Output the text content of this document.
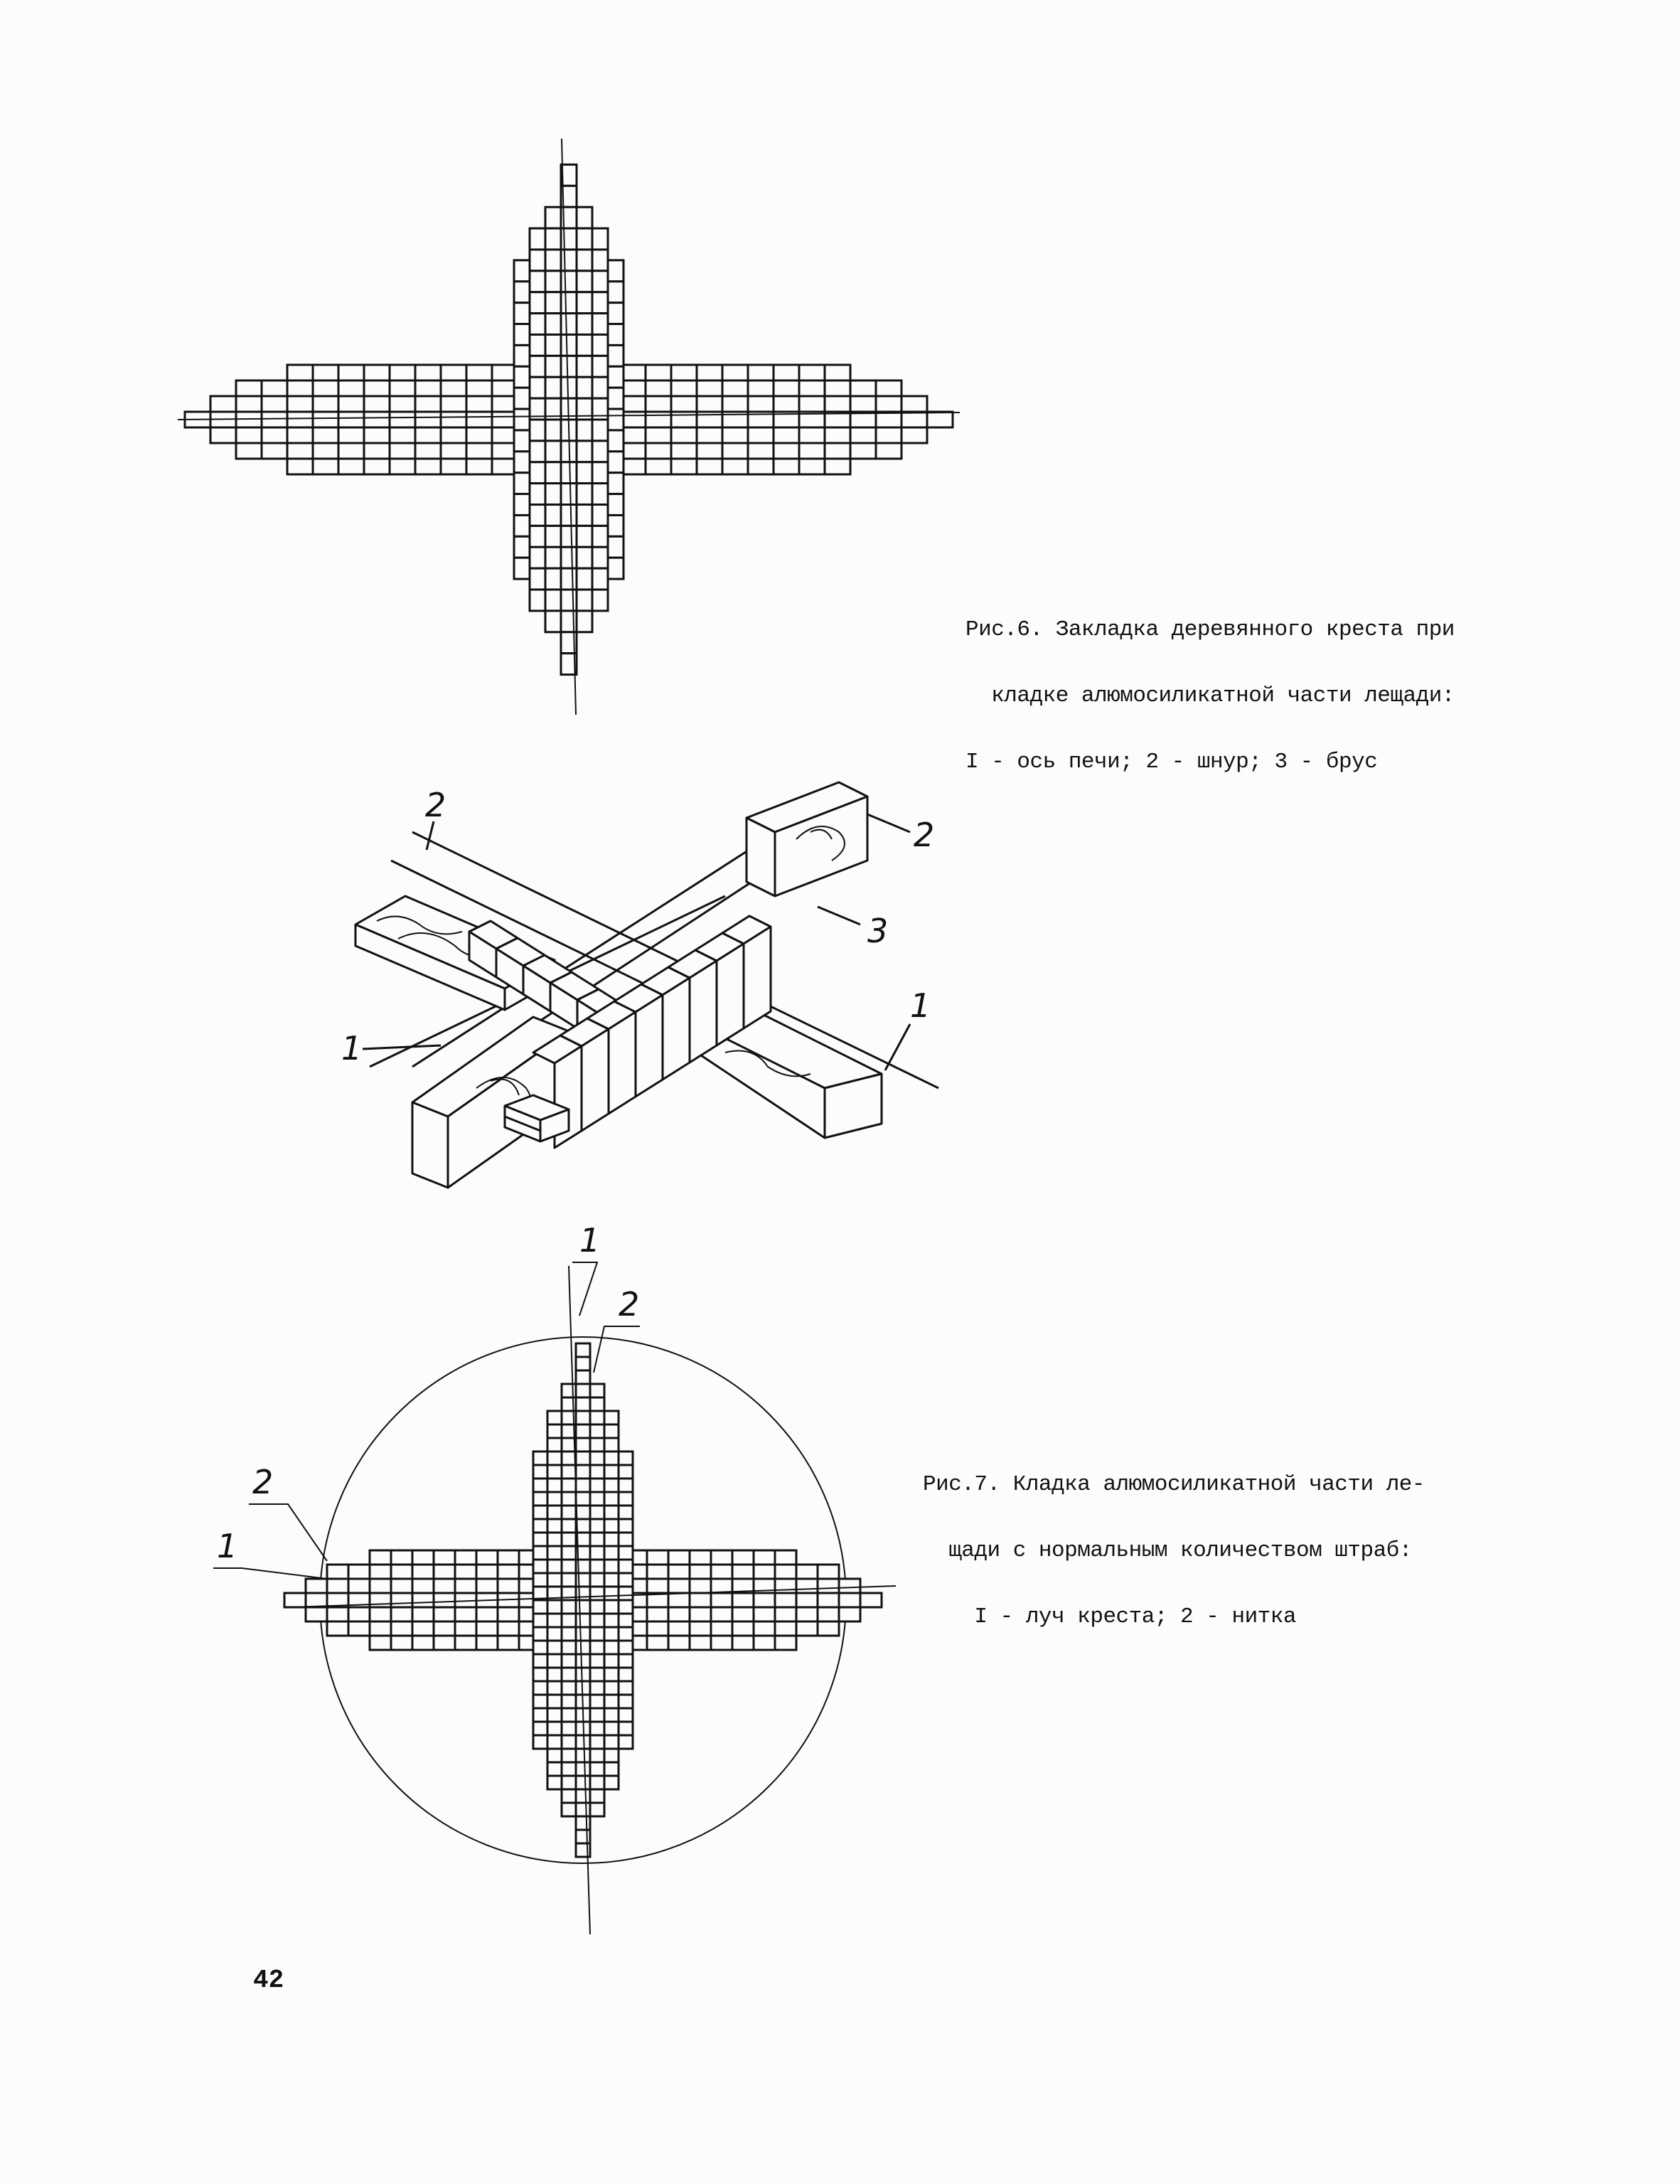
Рис.6. Закладка деревянного креста при

кладке алюмосиликатной части лещади:

I - ось печи; 2 - шнур; 3 - брус

2
2
3
1
1
1
2
2
1

Рис.7. Кладка алюмосиликатной части ле-

щади с нормальным количеством штраб:

I - луч креста; 2 - нитка

42
